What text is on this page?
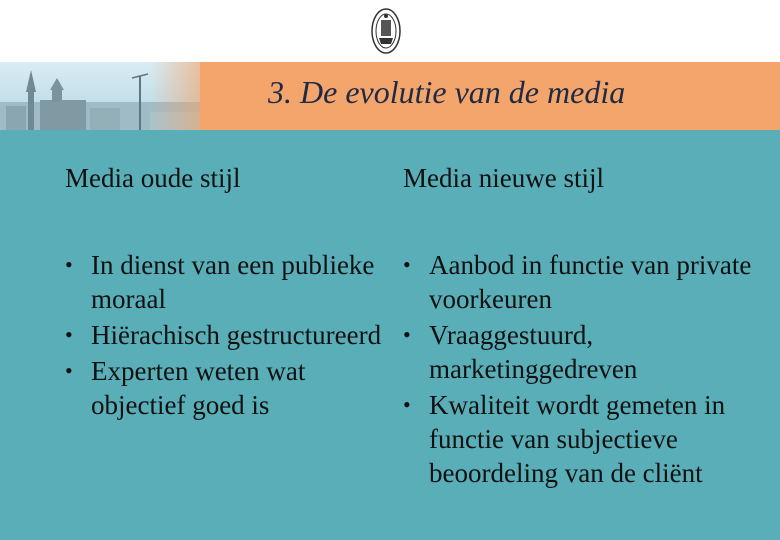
3. De evolutie van de media
Media oude stijl	Media nieuwe stijl
• In dienst van een publieke moraal
• Hiërachisch gestructureerd
• Experten weten wat objectief goed is
• Aanbod in functie van private voorkeuren
• Vraaggestuurd, marketinggedreven
• Kwaliteit wordt gemeten in functie van subjectieve beoordeling van de cliënt
